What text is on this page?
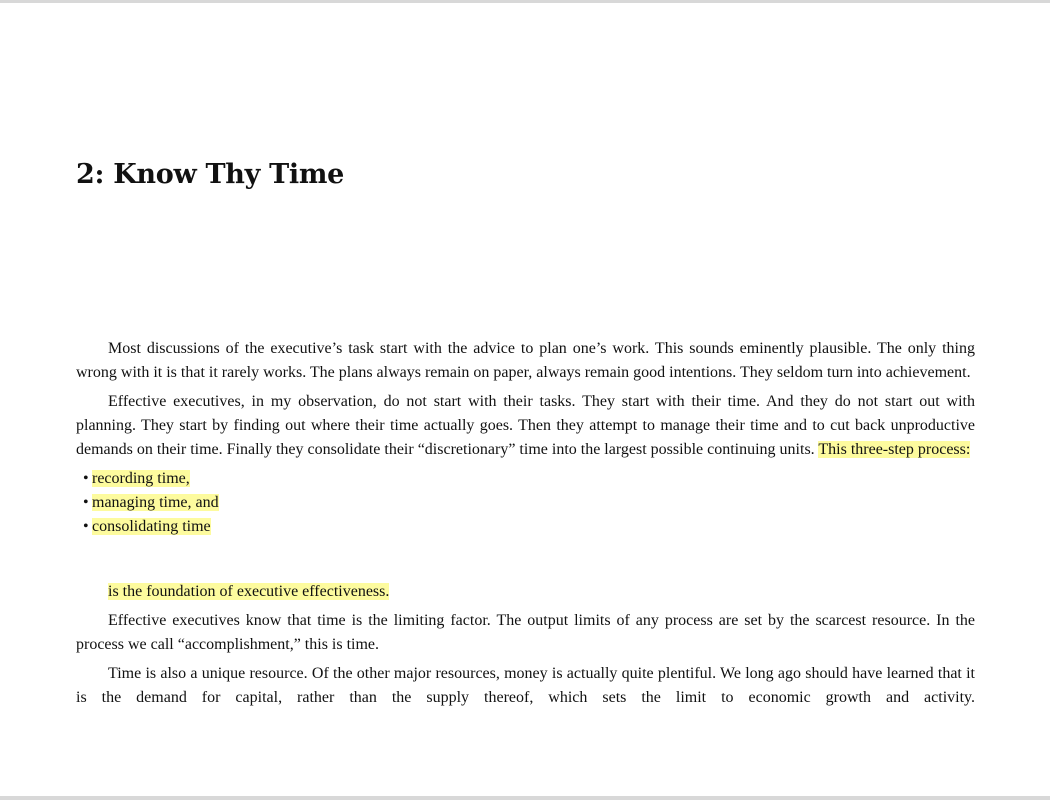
2: Know Thy Time

Most discussions of the executive’s task start with the advice to plan one’s work. This sounds eminently plausible. The only thing wrong with it is that it rarely works. The plans always remain on paper, always remain good intentions. They seldom turn into achievement.

Effective executives, in my observation, do not start with their tasks. They start with their time. And they do not start out with planning. They start by finding out where their time actually goes. Then they attempt to manage their time and to cut back unproductive demands on their time. Finally they consolidate their “discretionary” time into the largest possible continuing units. This three-step process:

• recording time,
• managing time, and
• consolidating time

is the foundation of executive effectiveness.

Effective executives know that time is the limiting factor. The output limits of any process are set by the scarcest resource. In the process we call “accomplishment,” this is time.

Time is also a unique resource. Of the other major resources, money is actually quite plentiful. We long ago should have learned that it is the demand for capital, rather than the supply thereof, which sets the limit to economic growth and activity.
